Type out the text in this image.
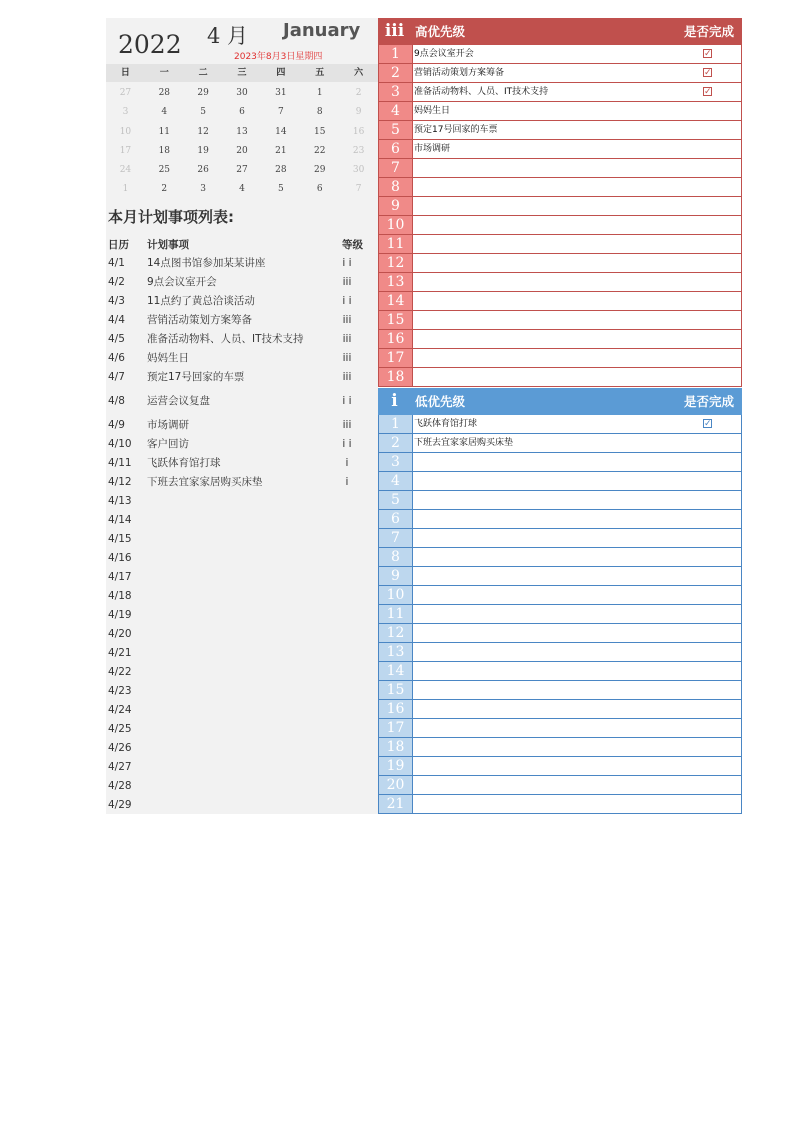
2022 4 月 January
2023年8月3日星期四
日	一	二	三	四	五	六
27	28	29	30	31	1	2
3	4	5	6	7	8	9
10	11	12	13	14	15	16
17	18	19	20	21	22	23
24	25	26	27	28	29	30
1	2	3	4	5	6	7
本月计划事项列表:
日历 计划事项	等级
4/1 14点图书馆参加某某讲座	i i
4/2 9点会议室开会	iii
4/3 11点约了黄总洽谈活动	i i
4/4 营销活动策划方案筹备	iii
4/5 准备活动物料、人员、IT技术支持	iii
4/6 妈妈生日	iii
4/7 预定17号回家的车票	iii
4/8 运营会议复盘	i i
4/9 市场调研	iii
4/10 客户回访	i i
4/11 飞跃体育馆打球	i
4/12 下班去宜家家居购买床垫	i
4/13
4/14
4/15
4/16
4/17
4/18
4/19
4/20
4/21
4/22
4/23
4/24
4/25
4/26
4/27
4/28
4/29
iii 高优先级	是否完成
1	9点会议室开会	✓
2	营销活动策划方案筹备	✓
3	准备活动物料、人员、IT技术支持	✓
4	妈妈生日
5	预定17号回家的车票
6	市场调研
7
8
9
10
11
12
13
14
15
16
17
18
i	低优先级	是否完成
1	飞跃体育馆打球	✓
2	下班去宜家家居购买床垫
3
4
5
6
7
8
9
10
11
12
13
14
15
16
17
18
19
20
21
